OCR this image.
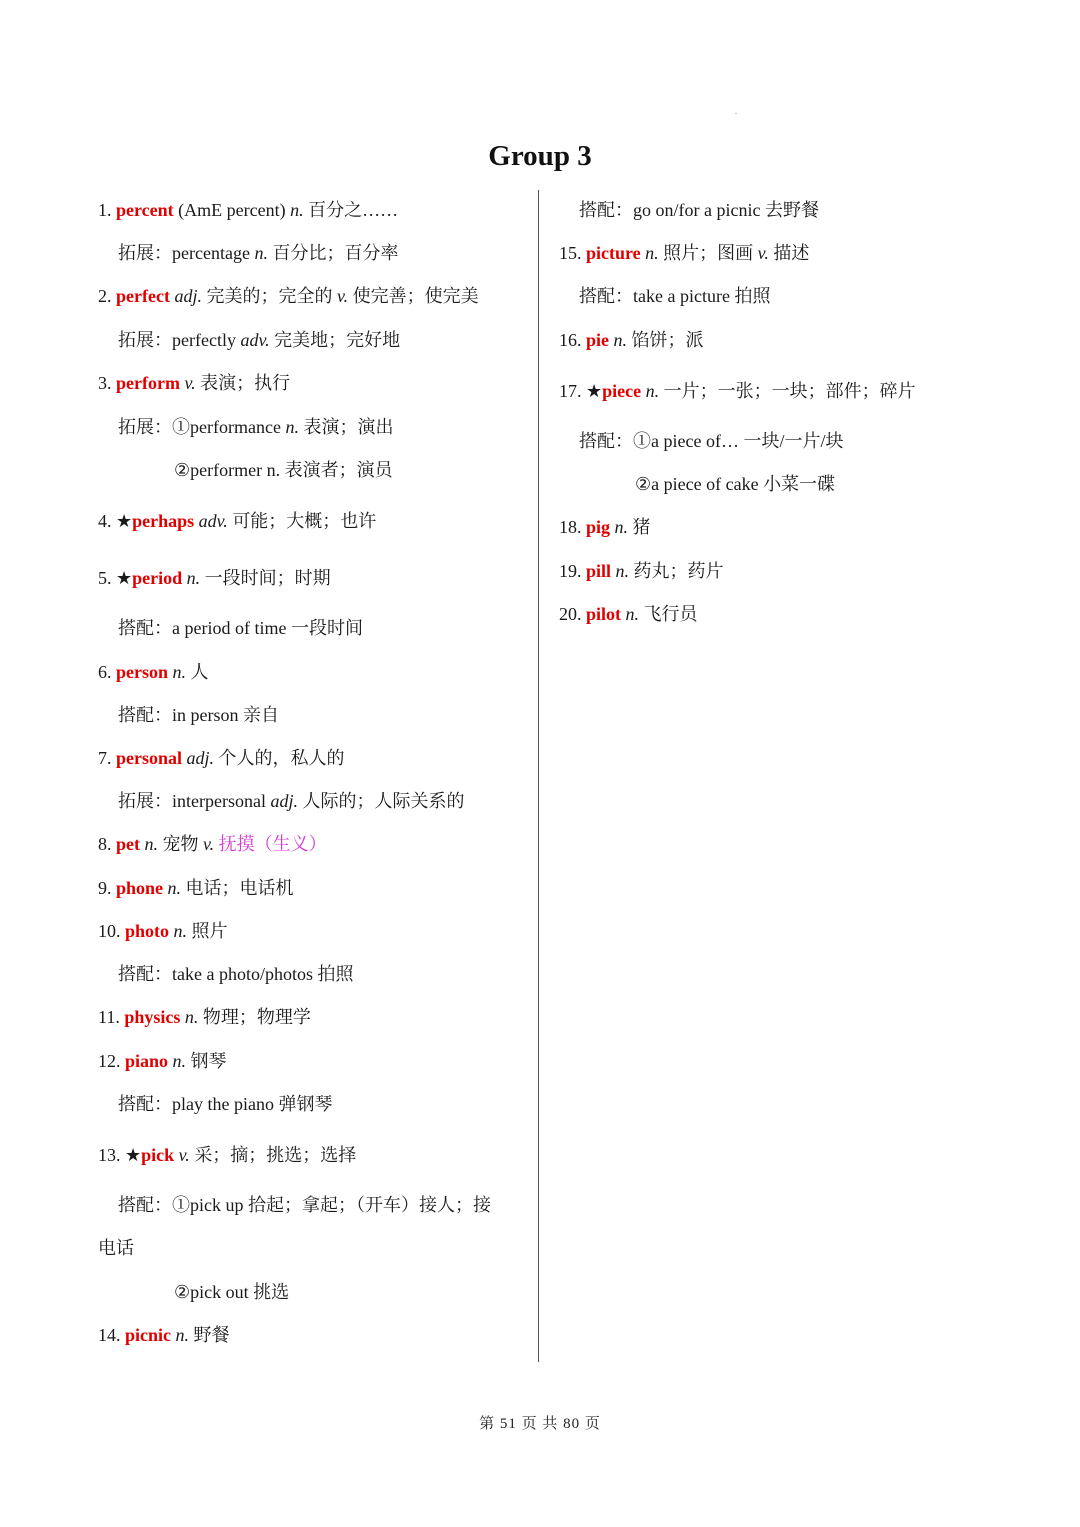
Group 3
1. percent (AmE percent) n. 百分之……
拓展：percentage n. 百分比；百分率
2. perfect adj. 完美的；完全的 v. 使完善；使完美
拓展：perfectly adv. 完美地；完好地
3. perform v. 表演；执行
拓展：①performance n. 表演；演出
②performer n. 表演者；演员
4. ★perhaps adv. 可能；大概；也许
5. ★period n. 一段时间；时期
搭配：a period of time 一段时间
6. person n. 人
搭配：in person 亲自
7. personal adj. 个人的，私人的
拓展：interpersonal adj. 人际的；人际关系的
8. pet n. 宠物 v. 抚摸（生义）
9. phone n. 电话；电话机
10. photo n. 照片
搭配：take a photo/photos 拍照
11. physics n. 物理；物理学
12. piano n. 钢琴
搭配：play the piano 弹钢琴
13. ★pick v. 采；摘；挑选；选择
搭配：①pick up 拾起；拿起；（开车）接人；接
电话
②pick out 挑选
14. picnic n. 野餐
搭配：go on/for a picnic 去野餐
15. picture n. 照片；图画 v. 描述
搭配：take a picture 拍照
16. pie n. 馅饼；派
17. ★piece n. 一片；一张；一块；部件；碎片
搭配：①a piece of… 一块/一片/块
②a piece of cake 小菜一碟
18. pig n. 猪
19. pill n. 药丸；药片
20. pilot n. 飞行员
第 51 页 共 80 页
